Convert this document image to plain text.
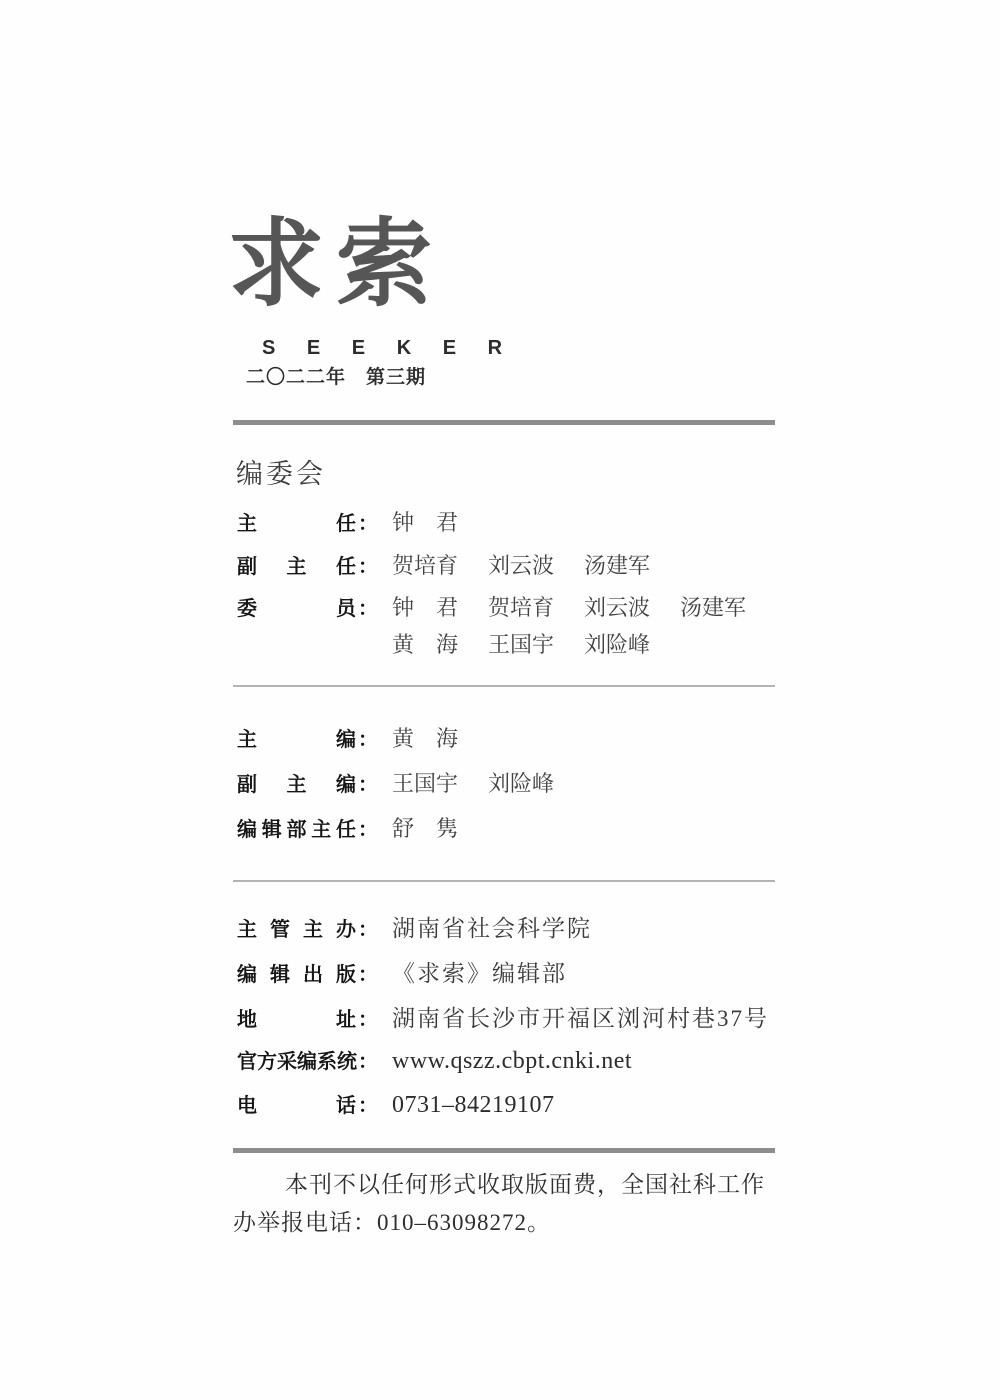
求索
S E E K E R
二〇二二年　第三期
编委会
主任 ： 钟　君
副主任 ： 贺培育 刘云波 汤建军
委员 ： 钟　君 贺培育 刘云波 汤建军
黄　海 王国宇 刘险峰
主编 ： 黄　海
副主编 ： 王国宇 刘险峰
编辑部主任 ： 舒　隽
主管主办 ： 湖南省社会科学院
编辑出版 ： 《求索》编辑部
地址 ： 湖南省长沙市开福区浏河村巷37号
官方采编系统 ： www.qszz.cbpt.cnki.net
电话 ： 0731–84219107
本刊不以任何形式收取版面费，全国社科工作办举报电话：010–63098272。
